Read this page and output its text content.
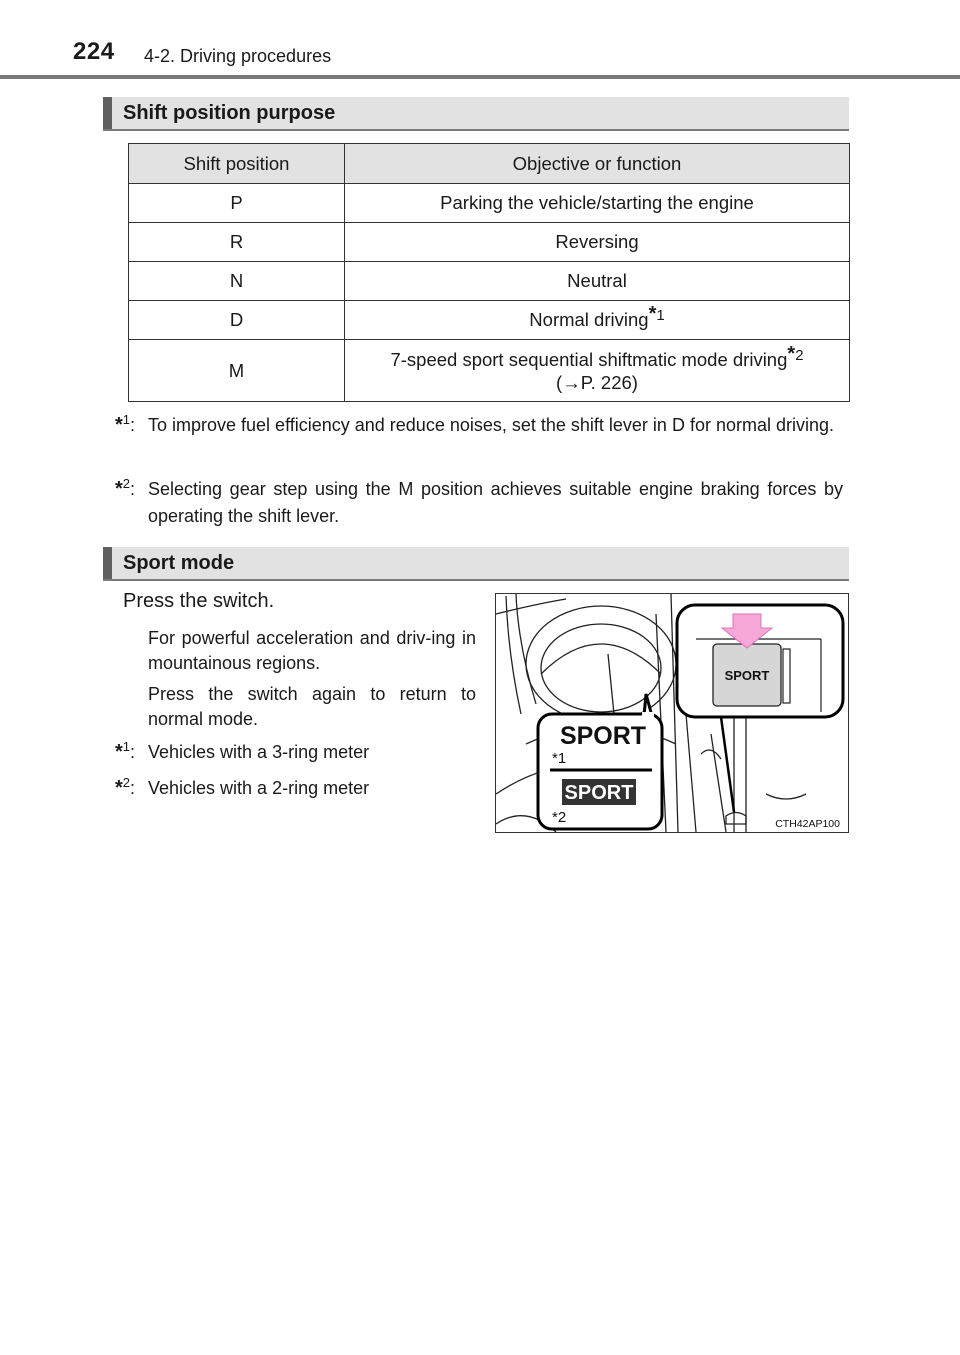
224 4-2. Driving procedures
Shift position purpose
Shift position	Objective or function
P	Parking the vehicle/starting the engine
R	Reversing
N	Neutral
D	Normal driving$^{*1}$
M	7-speed sport sequential shiftmatic mode driving$^{*2}$
(→P. 226)
*$^1$: To improve fuel efficiency and reduce noises, set the shift lever in D for normal driving.
*$^2$: Selecting gear step using the M position achieves suitable engine braking forces by operating the shift lever.
Sport mode
Press the switch.
For powerful acceleration and driv-ing in mountainous regions.
Press the switch again to return to normal mode.
*$^1$: Vehicles with a 3-ring meter
*$^2$: Vehicles with a 2-ring meter
SPORT
SPORT
*1
SPORT
*2	CTH42AP100
